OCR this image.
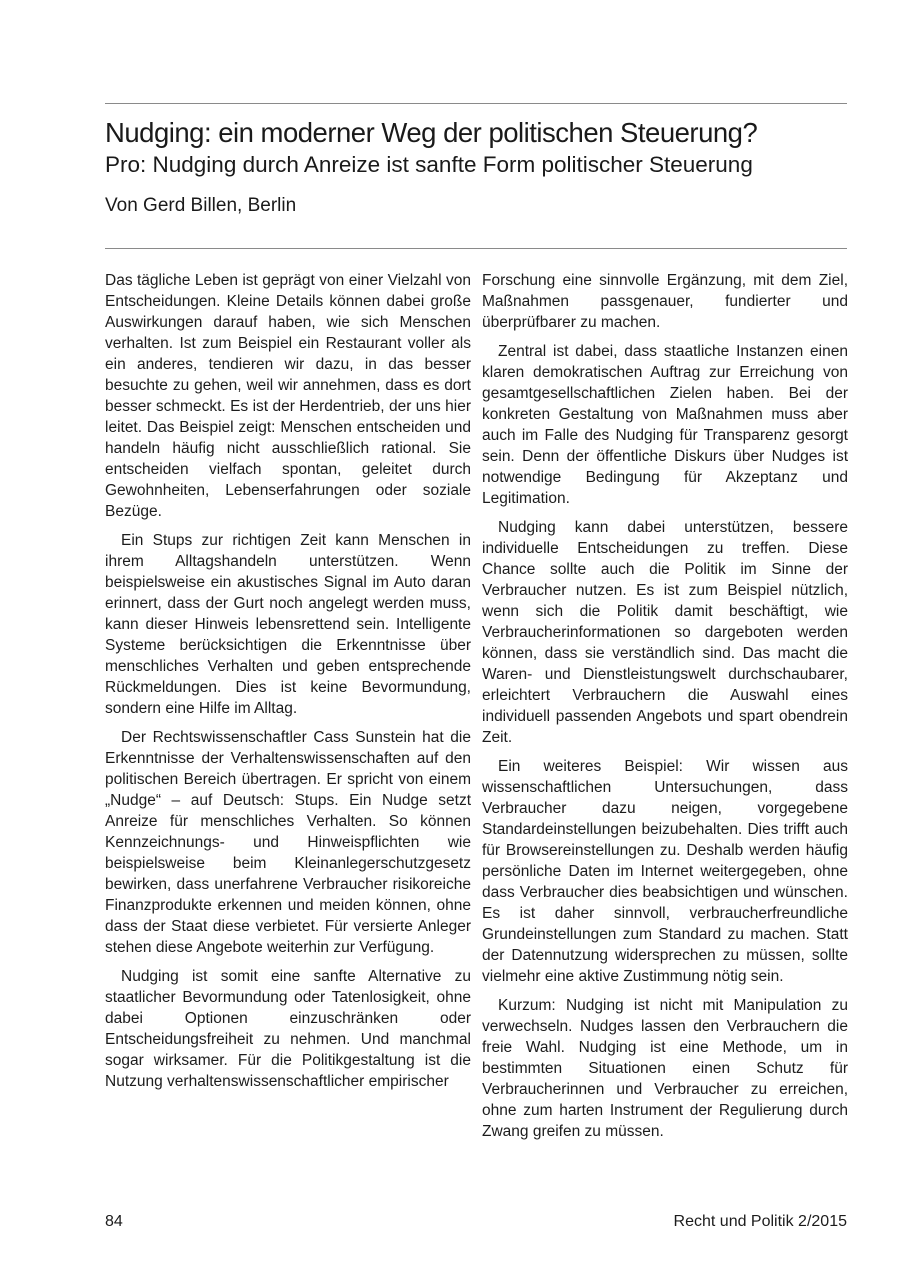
Nudging: ein moderner Weg der politischen Steuerung?
Pro: Nudging durch Anreize ist sanfte Form politischer Steuerung

Von Gerd Billen, Berlin

Das tägliche Leben ist geprägt von einer Vielzahl von Entscheidungen. Kleine Details können dabei große Auswirkungen darauf haben, wie sich Menschen verhalten. Ist zum Beispiel ein Restaurant voller als ein anderes, tendieren wir dazu, in das besser besuchte zu gehen, weil wir annehmen, dass es dort besser schmeckt. Es ist der Herdentrieb, der uns hier leitet. Das Beispiel zeigt: Menschen entscheiden und handeln häufig nicht ausschließlich rational. Sie entscheiden vielfach spontan, geleitet durch Gewohnheiten, Lebenserfahrungen oder soziale Bezüge.

Ein Stups zur richtigen Zeit kann Menschen in ihrem Alltagshandeln unterstützen. Wenn beispielsweise ein akustisches Signal im Auto daran erinnert, dass der Gurt noch angelegt werden muss, kann dieser Hinweis lebensrettend sein. Intelligente Systeme berücksichtigen die Erkenntnisse über menschliches Verhalten und geben entsprechende Rückmeldungen. Dies ist keine Bevormundung, sondern eine Hilfe im Alltag.

Der Rechtswissenschaftler Cass Sunstein hat die Erkenntnisse der Verhaltenswissenschaften auf den politischen Bereich übertragen. Er spricht von einem „Nudge“ – auf Deutsch: Stups. Ein Nudge setzt Anreize für menschliches Verhalten. So können Kennzeichnungs- und Hinweispflichten wie beispielsweise beim Kleinanlegerschutzgesetz bewirken, dass unerfahrene Verbraucher risikoreiche Finanzprodukte erkennen und meiden können, ohne dass der Staat diese verbietet. Für versierte Anleger stehen diese Angebote weiterhin zur Verfügung.

Nudging ist somit eine sanfte Alternative zu staatlicher Bevormundung oder Tatenlosigkeit, ohne dabei Optionen einzuschränken oder Entscheidungsfreiheit zu nehmen. Und manchmal sogar wirksamer. Für die Politikgestaltung ist die Nutzung verhaltenswissenschaftlicher empirischer

Forschung eine sinnvolle Ergänzung, mit dem Ziel, Maßnahmen passgenauer, fundierter und überprüfbarer zu machen.

Zentral ist dabei, dass staatliche Instanzen einen klaren demokratischen Auftrag zur Erreichung von gesamtgesellschaftlichen Zielen haben. Bei der konkreten Gestaltung von Maßnahmen muss aber auch im Falle des Nudging für Transparenz gesorgt sein. Denn der öffentliche Diskurs über Nudges ist notwendige Bedingung für Akzeptanz und Legitimation.

Nudging kann dabei unterstützen, bessere individuelle Entscheidungen zu treffen. Diese Chance sollte auch die Politik im Sinne der Verbraucher nutzen. Es ist zum Beispiel nützlich, wenn sich die Politik damit beschäftigt, wie Verbraucherinformationen so dargeboten werden können, dass sie verständlich sind. Das macht die Waren- und Dienstleistungswelt durchschaubarer, erleichtert Verbrauchern die Auswahl eines individuell passenden Angebots und spart obendrein Zeit.

Ein weiteres Beispiel: Wir wissen aus wissenschaftlichen Untersuchungen, dass Verbraucher dazu neigen, vorgegebene Standardeinstellungen beizubehalten. Dies trifft auch für Browsereinstellungen zu. Deshalb werden häufig persönliche Daten im Internet weitergegeben, ohne dass Verbraucher dies beabsichtigen und wünschen. Es ist daher sinnvoll, verbraucherfreundliche Grundeinstellungen zum Standard zu machen. Statt der Datennutzung widersprechen zu müssen, sollte vielmehr eine aktive Zustimmung nötig sein.

Kurzum: Nudging ist nicht mit Manipulation zu verwechseln. Nudges lassen den Verbrauchern die freie Wahl. Nudging ist eine Methode, um in bestimmten Situationen einen Schutz für Verbraucherinnen und Verbraucher zu erreichen, ohne zum harten Instrument der Regulierung durch Zwang greifen zu müssen.

84	Recht und Politik 2/2015
